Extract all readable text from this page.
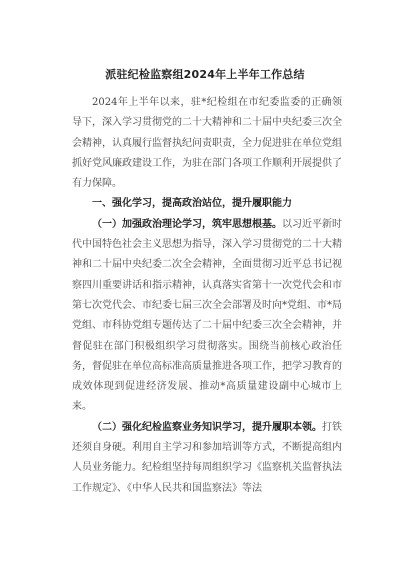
派驻纪检监察组2024年上半年工作总结

2024年上半年以来，驻*纪检组在市纪委监委的正确领导下，深入学习贯彻党的二十大精神和二十届中央纪委三次全会精神，认真履行监督执纪问责职责，全力促进驻在单位党组抓好党风廉政建设工作，为驻在部门各项工作顺利开展提供了有力保障。

一、强化学习，提高政治站位，提升履职能力

（一）加强政治理论学习，筑牢思想根基。以习近平新时代中国特色社会主义思想为指导，深入学习贯彻党的二十大精神和二十届中央纪委二次全会精神，全面贯彻习近平总书记视察四川重要讲话和指示精神，认真落实省第十一次党代会和市第七次党代会、市纪委七届三次全会部署及时向*党组、市*局党组、市科协党组专题传达了二十届中纪委三次全会精神，并督促驻在部门积极组织学习贯彻落实。围绕当前核心政治任务，督促驻在单位高标准高质量推进各项工作，把学习教育的成效体现到促进经济发展、推动*高质量建设副中心城市上来。

（二）强化纪检监察业务知识学习，提升履职本领。打铁还须自身硬。利用自主学习和参加培训等方式，不断提高组内人员业务能力。纪检组坚持每周组织学习《监察机关监督执法工作规定》、《中华人民共和国监察法》等法
